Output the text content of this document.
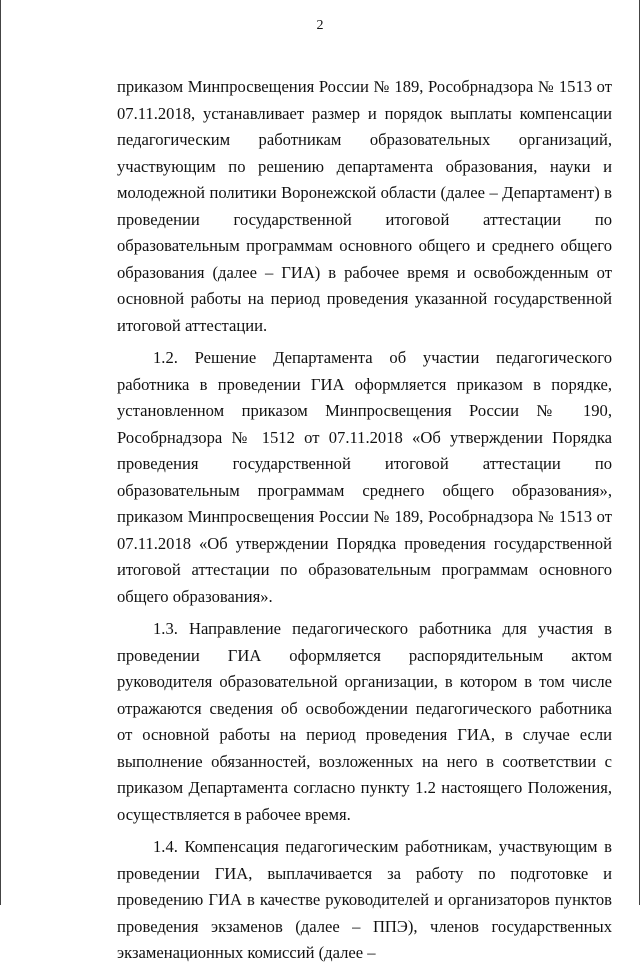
2

приказом Минпросвещения России № 189, Рособрнадзора № 1513 от 07.11.2018, устанавливает размер и порядок выплаты компенсации педагогическим работникам образовательных организаций, участвующим по решению департамента образования, науки и молодежной политики Воронежской области (далее – Департамент) в проведении государственной итоговой аттестации по образовательным программам основного общего и среднего общего образования (далее – ГИА) в рабочее время и освобожденным от основной работы на период проведения указанной государственной итоговой аттестации.

1.2. Решение Департамента об участии педагогического работника в проведении ГИА оформляется приказом в порядке, установленном приказом Минпросвещения России № 190, Рособрнадзора № 1512 от 07.11.2018 «Об утверждении Порядка проведения государственной итоговой аттестации по образовательным программам среднего общего образования», приказом Минпросвещения России № 189, Рособрнадзора № 1513 от 07.11.2018 «Об утверждении Порядка проведения государственной итоговой аттестации по образовательным программам основного общего образования».

1.3. Направление педагогического работника для участия в проведении ГИА оформляется распорядительным актом руководителя образовательной организации, в котором в том числе отражаются сведения об освобождении педагогического работника от основной работы на период проведения ГИА, в случае если выполнение обязанностей, возложенных на него в соответствии с приказом Департамента согласно пункту 1.2 настоящего Положения, осуществляется в рабочее время.

1.4. Компенсация педагогическим работникам, участвующим в проведении ГИА, выплачивается за работу по подготовке и проведению ГИА в качестве руководителей и организаторов пунктов проведения экзаменов (далее – ППЭ), членов государственных экзаменационных комиссий (далее –
